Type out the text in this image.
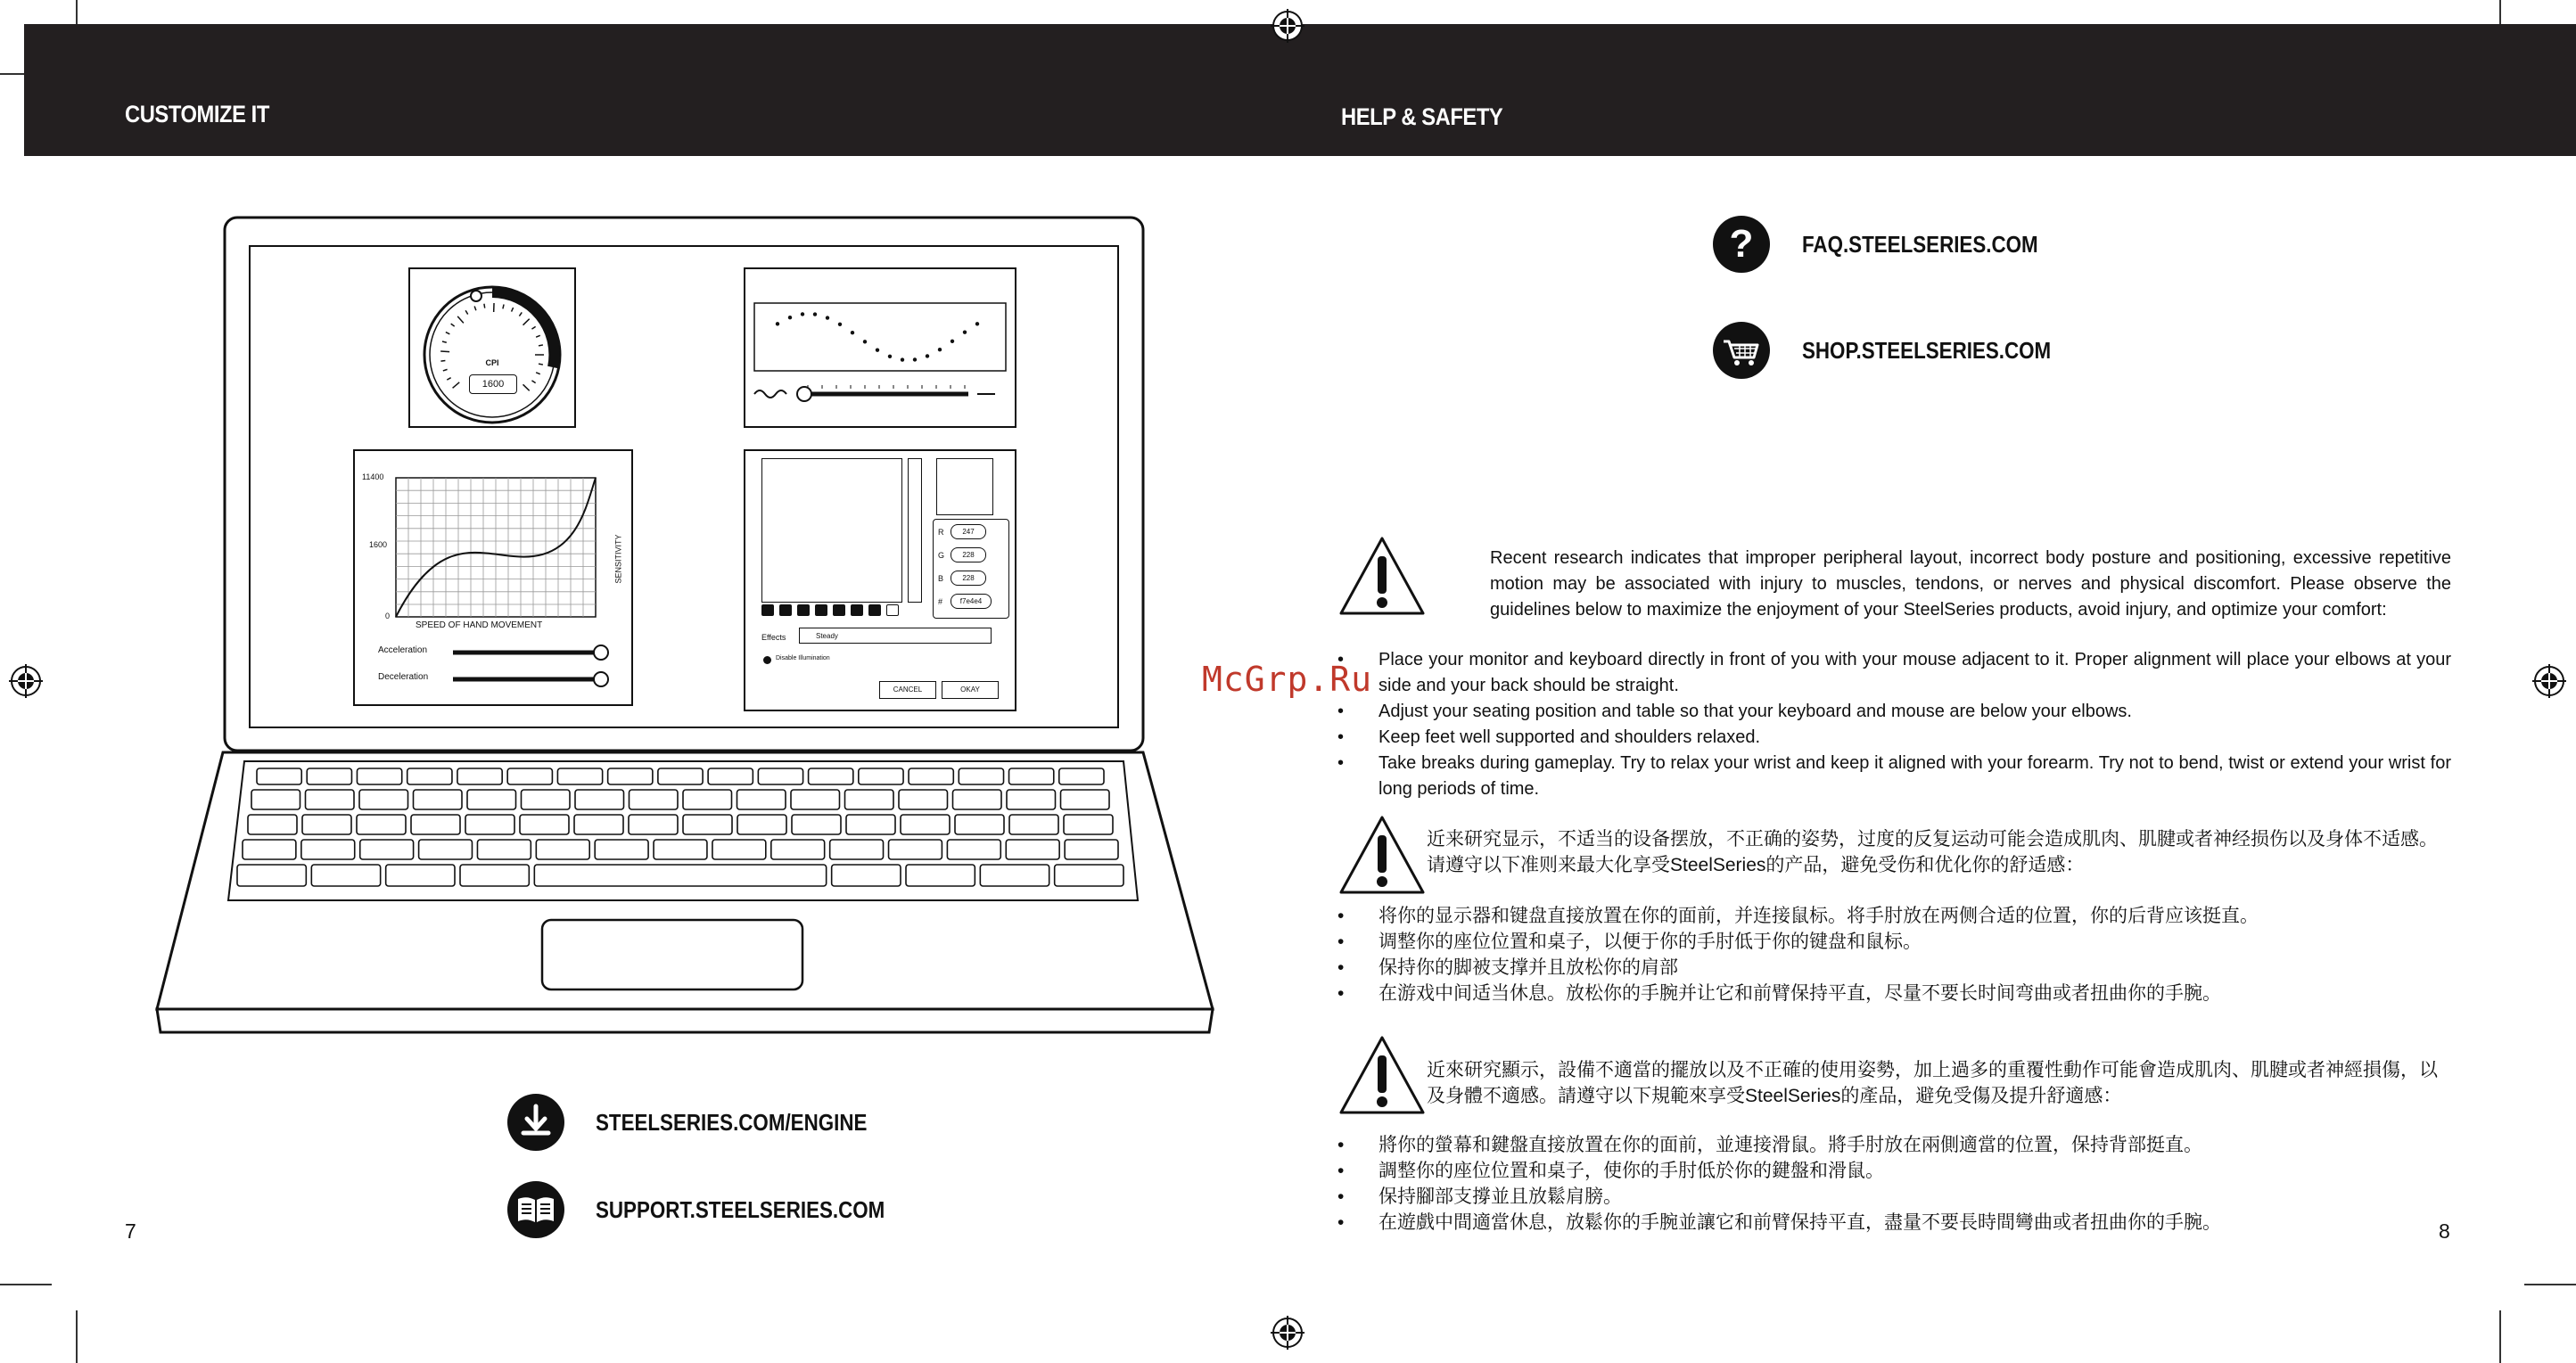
CUSTOMIZE IT	HELP & SAFETY
CPI
1600
11400
1600
0
SPEED OF HAND MOVEMENT
SENSITIVITY
Acceleration
Deceleration
R
G
B
#
247
228
228
f7e4e4
Effects	Steady
Disable Illumination
CANCEL	OKAY
STEELSERIES.COM/ENGINE
SUPPORT.STEELSERIES.COM
7
? FAQ.STEELSERIES.COM
SHOP.STEELSERIES.COM
Recent research indicates that improper peripheral layout, incorrect body posture and positioning, excessive repetitive motion may be associated with injury to muscles, tendons, or nerves and physical discomfort. Please observe the guidelines below to maximize the enjoyment of your SteelSeries products, avoid injury, and optimize your comfort:
• Place your monitor and keyboard directly in front of you with your mouse adjacent to it. Proper alignment will place your elbows at your side and your back should be straight.
• Adjust your seating position and table so that your keyboard and mouse are below your elbows.
• Keep feet well supported and shoulders relaxed.
• Take breaks during gameplay. Try to relax your wrist and keep it aligned with your forearm. Try not to bend, twist or extend your wrist for long periods of time.
近来研究显示，不适当的设备摆放，不正确的姿势，过度的反复运动可能会造成肌肉、肌腱或者神经损伤以及身体不适感。请遵守以下准则来最大化享受SteelSeries的产品，避免受伤和优化你的舒适感：
• 将你的显示器和键盘直接放置在你的面前，并连接鼠标。将手肘放在两侧合适的位置，你的后背应该挺直。
• 调整你的座位位置和桌子，以便于你的手肘低于你的键盘和鼠标。
• 保持你的脚被支撑并且放松你的肩部
• 在游戏中间适当休息。放松你的手腕并让它和前臂保持平直，尽量不要长时间弯曲或者扭曲你的手腕。
近來研究顯示，設備不適當的擺放以及不正確的使用姿勢，加上過多的重覆性動作可能會造成肌肉、肌腱或者神經損傷，以及身體不適感。請遵守以下規範來享受SteelSeries的產品，避免受傷及提升舒適感：
• 將你的螢幕和鍵盤直接放置在你的面前，並連接滑鼠。將手肘放在兩側適當的位置，保持背部挺直。
• 調整你的座位位置和桌子，使你的手肘低於你的鍵盤和滑鼠。
• 保持腳部支撐並且放鬆肩膀。
• 在遊戲中間適當休息，放鬆你的手腕並讓它和前臂保持平直，盡量不要長時間彎曲或者扭曲你的手腕。	8
McGrp.Ru
